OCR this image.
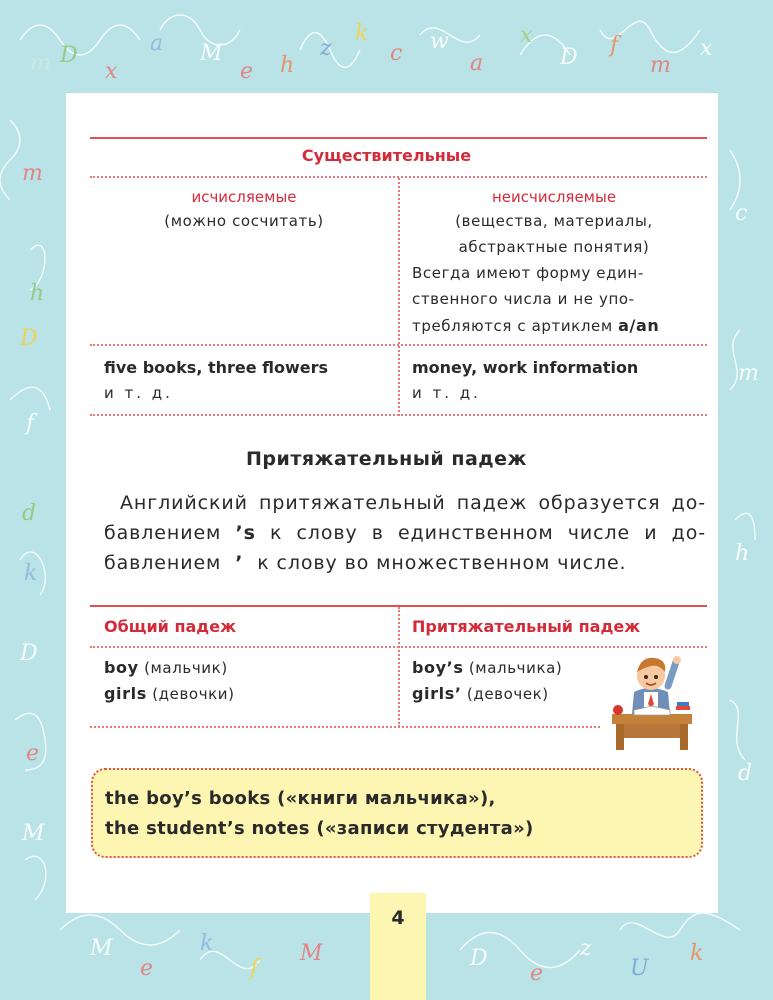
m D
x
a M
e h
z
k
c w
a
x
D f
m
x
m
h
D
f
d
k
D
e
M
c
m
h
d
M
e
k
f
M	D
e
z
U
k
Существительные
исчисляемые
(можно сосчитать)
неисчисляемые
(вещества, материалы,
абстрактные понятия)
Всегда имеют форму един-
ственного числа и не упо-
требляются с артиклем a/an
five books, three flowers
и т. д.
money, work information
и т. д.
Притяжательный падеж
Английский притяжательный падеж образуется до-
бавлением ’s к слову в единственном числе и до-
бавлением ’ к слову во множественном числе.
Общий падеж	Притяжательный падеж
boy (мальчик)
girls (девочки)
boy’s (мальчика)
girls’ (девочек)
the boy’s books («книги мальчика»),
the student’s notes («записи студента»)
4
